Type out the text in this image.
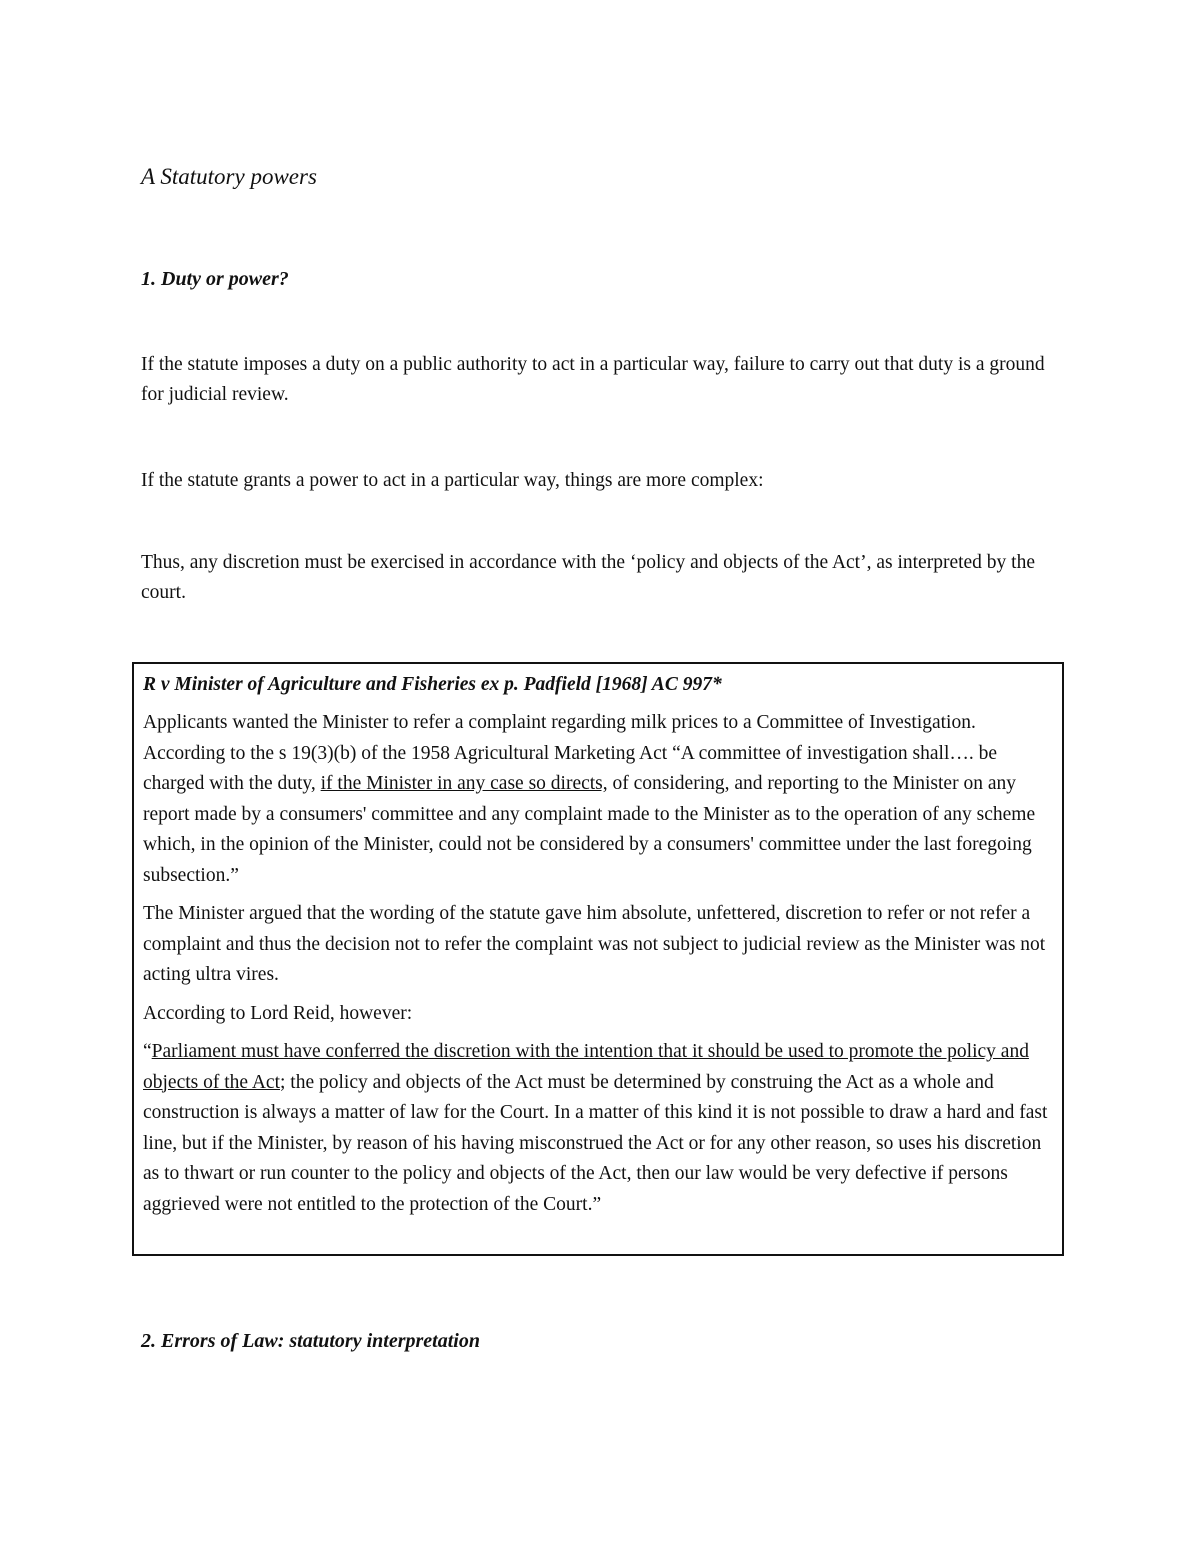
A Statutory powers
1. Duty or power?

If the statute imposes a duty on a public authority to act in a particular way, failure to carry out that duty is a ground for judicial review.

If the statute grants a power to act in a particular way, things are more complex:

Thus, any discretion must be exercised in accordance with the ‘policy and objects of the Act’, as interpreted by the court.

R v Minister of Agriculture and Fisheries ex p. Padfield [1968] AC 997*

Applicants wanted the Minister to refer a complaint regarding milk prices to a Committee of Investigation. According to the s 19(3)(b) of the 1958 Agricultural Marketing Act “A committee of investigation shall…. be charged with the duty, if the Minister in any case so directs, of considering, and reporting to the Minister on any report made by a consumers' committee and any complaint made to the Minister as to the operation of any scheme which, in the opinion of the Minister, could not be considered by a consumers' committee under the last foregoing subsection.”

The Minister argued that the wording of the statute gave him absolute, unfettered, discretion to refer or not refer a complaint and thus the decision not to refer the complaint was not subject to judicial review as the Minister was not acting ultra vires.

According to Lord Reid, however:

“Parliament must have conferred the discretion with the intention that it should be used to promote the policy and objects of the Act; the policy and objects of the Act must be determined by construing the Act as a whole and construction is always a matter of law for the Court. In a matter of this kind it is not possible to draw a hard and fast line, but if the Minister, by reason of his having misconstrued the Act or for any other reason, so uses his discretion as to thwart or run counter to the policy and objects of the Act, then our law would be very defective if persons aggrieved were not entitled to the protection of the Court.”

2. Errors of Law: statutory interpretation
